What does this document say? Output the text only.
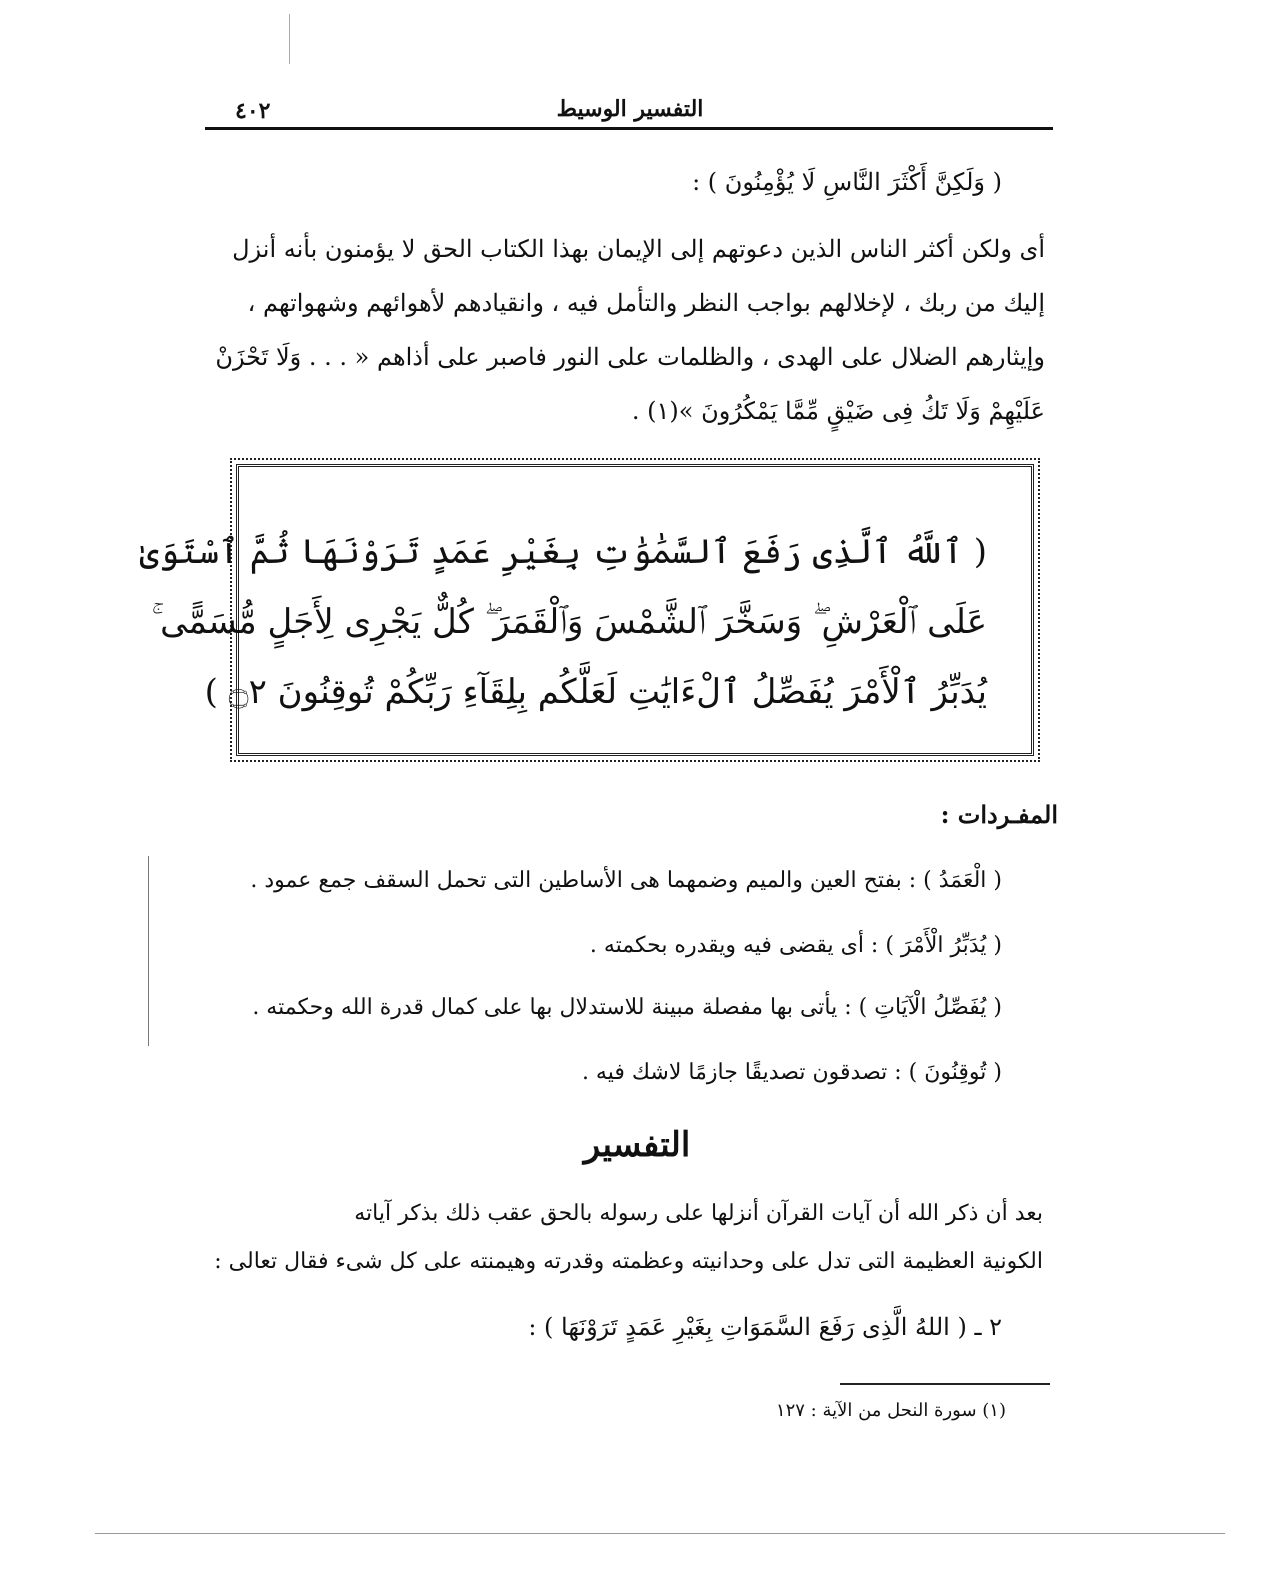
٤٠٢	التفسير الوسيط
( وَلَكِنَّ أَكْثَرَ النَّاسِ لَا يُؤْمِنُونَ ) :

أى ولكن أكثر الناس الذين دعوتهم إلى الإيمان بهذا الكتاب الحق لا يؤمنون بأنه أنزل

إليك من ربك ، لإخلالهم بواجب النظر والتأمل فيه ، وانقيادهم لأهوائهم وشهواتهم ،

وإيثارهم الضلال على الهدى ، والظلمات على النور فاصبر على أذاهم « . . . وَلَا تَحْزَنْ

عَلَيْهِمْ وَلَا تَكُ فِى ضَيْقٍ مِّمَّا يَمْكُرُونَ »(١) .

( ٱللَّهُ ٱلَّذِى رَفَعَ ٱلسَّمَٰوَٰتِ بِغَيْرِ عَمَدٍ تَرَوْنَهَا ثُمَّ ٱسْتَوَىٰ
عَلَى ٱلْعَرْشِ ۖ وَسَخَّرَ ٱلشَّمْسَ وَٱلْقَمَرَ ۖ كُلٌّ يَجْرِى لِأَجَلٍ مُّسَمًّى ۚ
يُدَبِّرُ ٱلْأَمْرَ يُفَصِّلُ ٱلْءَايَٰتِ لَعَلَّكُم بِلِقَآءِ رَبِّكُمْ تُوقِنُونَ ۝٢ )
المفـردات :
( الْعَمَدُ ) : بفتح العين والميم وضمهما هى الأساطين التى تحمل السقف جمع عمود .
( يُدَبِّرُ الْأَمْرَ ) : أى يقضى فيه ويقدره بحكمته .
( يُفَصِّلُ الْآيَاتِ ) : يأتى بها مفصلة مبينة للاستدلال بها على كمال قدرة الله وحكمته .
( تُوقِنُونَ ) : تصدقون تصديقًا جازمًا لاشك فيه .
التفسير
بعد أن ذكر الله أن آيات القرآن أنزلها على رسوله بالحق عقب ذلك بذكر آياته
الكونية العظيمة التى تدل على وحدانيته وعظمته وقدرته وهيمنته على كل شىء فقال تعالى :
٢ ـ ( اللهُ الَّذِى رَفَعَ السَّمَوَاتِ بِغَيْرِ عَمَدٍ تَرَوْنَهَا ) :
(١) سورة النحل من الآية : ١٢٧
